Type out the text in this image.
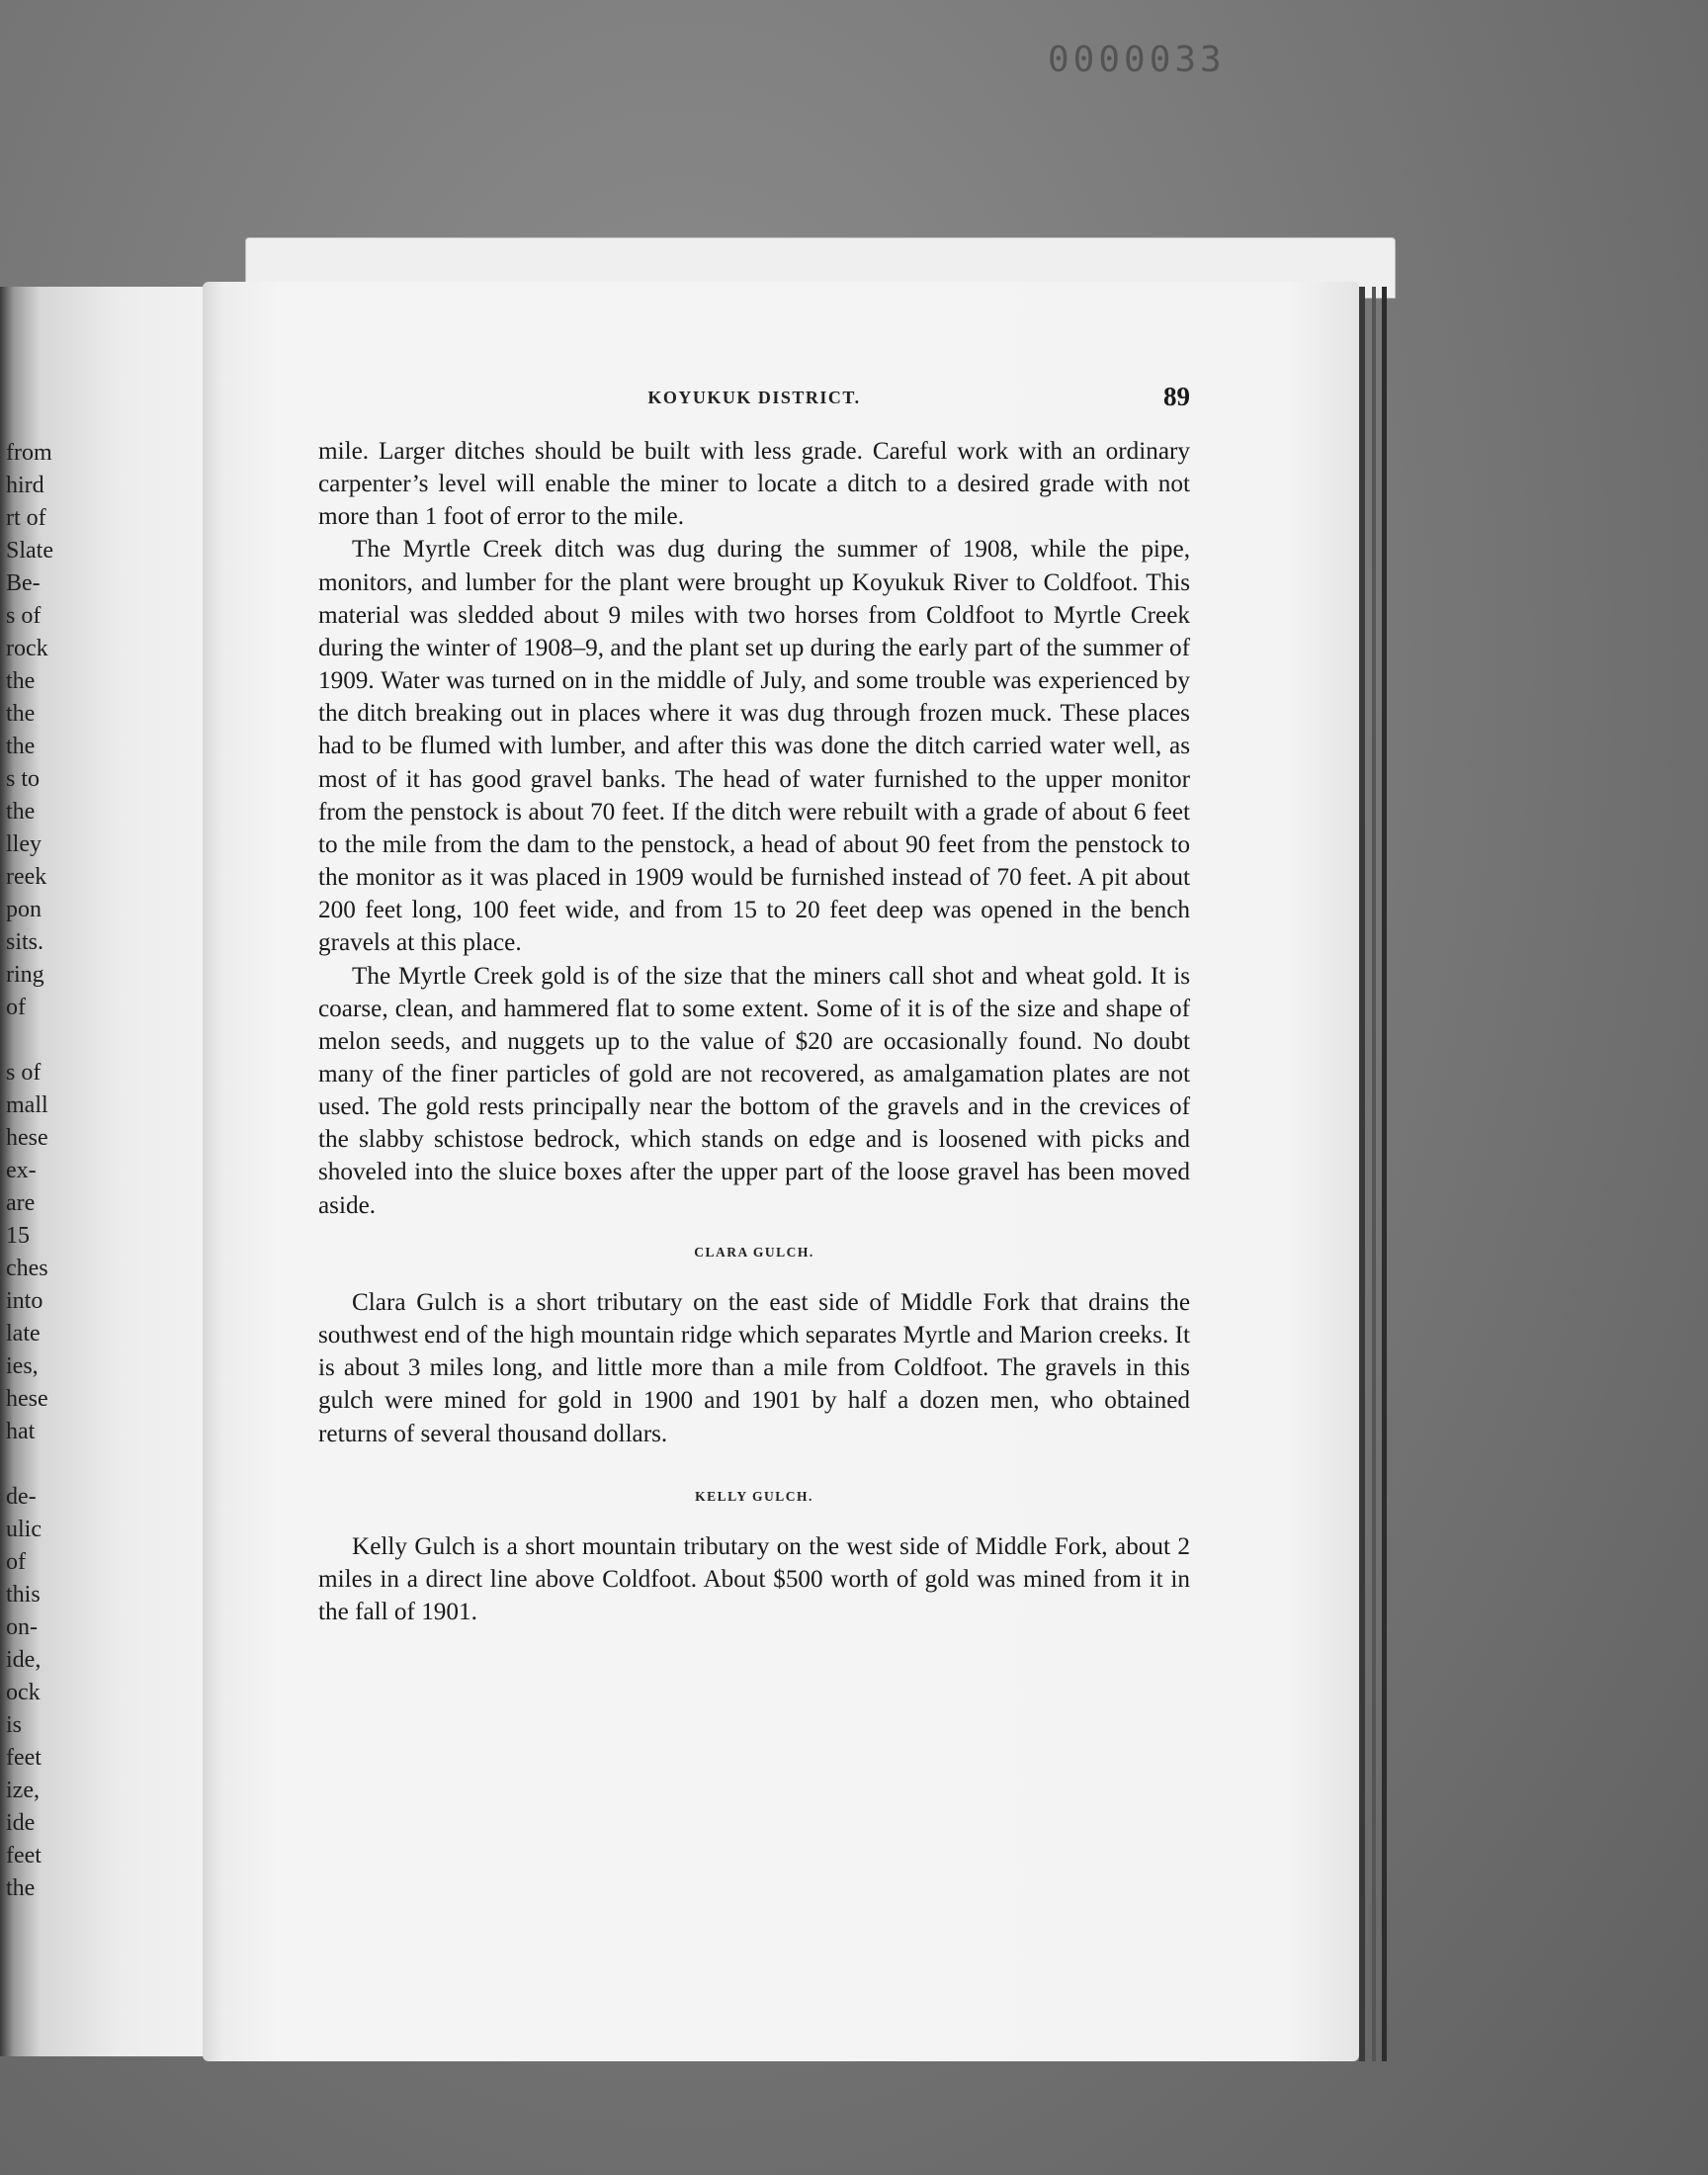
0000033
from
hird
rt of
Slate
Be-
s of
rock
the
the
the
s to
the
lley
reek
pon
sits.
ring
of

s of
mall
hese
ex-
are
15
ches
into
late
ies,
hese
hat

de-
ulic
of
this
on-
ide,
ock
is
feet
ize,
ide
feet
the
KOYUKUK DISTRICT.	89

mile. Larger ditches should be built with less grade. Careful work with an ordinary carpenter’s level will enable the miner to locate a ditch to a desired grade with not more than 1 foot of error to the mile.

The Myrtle Creek ditch was dug during the summer of 1908, while the pipe, monitors, and lumber for the plant were brought up Koyukuk River to Coldfoot. This material was sledded about 9 miles with two horses from Coldfoot to Myrtle Creek during the winter of 1908–9, and the plant set up during the early part of the summer of 1909. Water was turned on in the middle of July, and some trouble was experienced by the ditch breaking out in places where it was dug through frozen muck. These places had to be flumed with lumber, and after this was done the ditch carried water well, as most of it has good gravel banks. The head of water furnished to the upper monitor from the penstock is about 70 feet. If the ditch were rebuilt with a grade of about 6 feet to the mile from the dam to the penstock, a head of about 90 feet from the penstock to the monitor as it was placed in 1909 would be furnished instead of 70 feet. A pit about 200 feet long, 100 feet wide, and from 15 to 20 feet deep was opened in the bench gravels at this place.

The Myrtle Creek gold is of the size that the miners call shot and wheat gold. It is coarse, clean, and hammered flat to some extent. Some of it is of the size and shape of melon seeds, and nuggets up to the value of $20 are occasionally found. No doubt many of the finer particles of gold are not recovered, as amalgamation plates are not used. The gold rests principally near the bottom of the gravels and in the crevices of the slabby schistose bedrock, which stands on edge and is loosened with picks and shoveled into the sluice boxes after the upper part of the loose gravel has been moved aside.

CLARA GULCH.

Clara Gulch is a short tributary on the east side of Middle Fork that drains the southwest end of the high mountain ridge which separates Myrtle and Marion creeks. It is about 3 miles long, and little more than a mile from Coldfoot. The gravels in this gulch were mined for gold in 1900 and 1901 by half a dozen men, who obtained returns of several thousand dollars.

KELLY GULCH.

Kelly Gulch is a short mountain tributary on the west side of Middle Fork, about 2 miles in a direct line above Coldfoot. About $500 worth of gold was mined from it in the fall of 1901.
